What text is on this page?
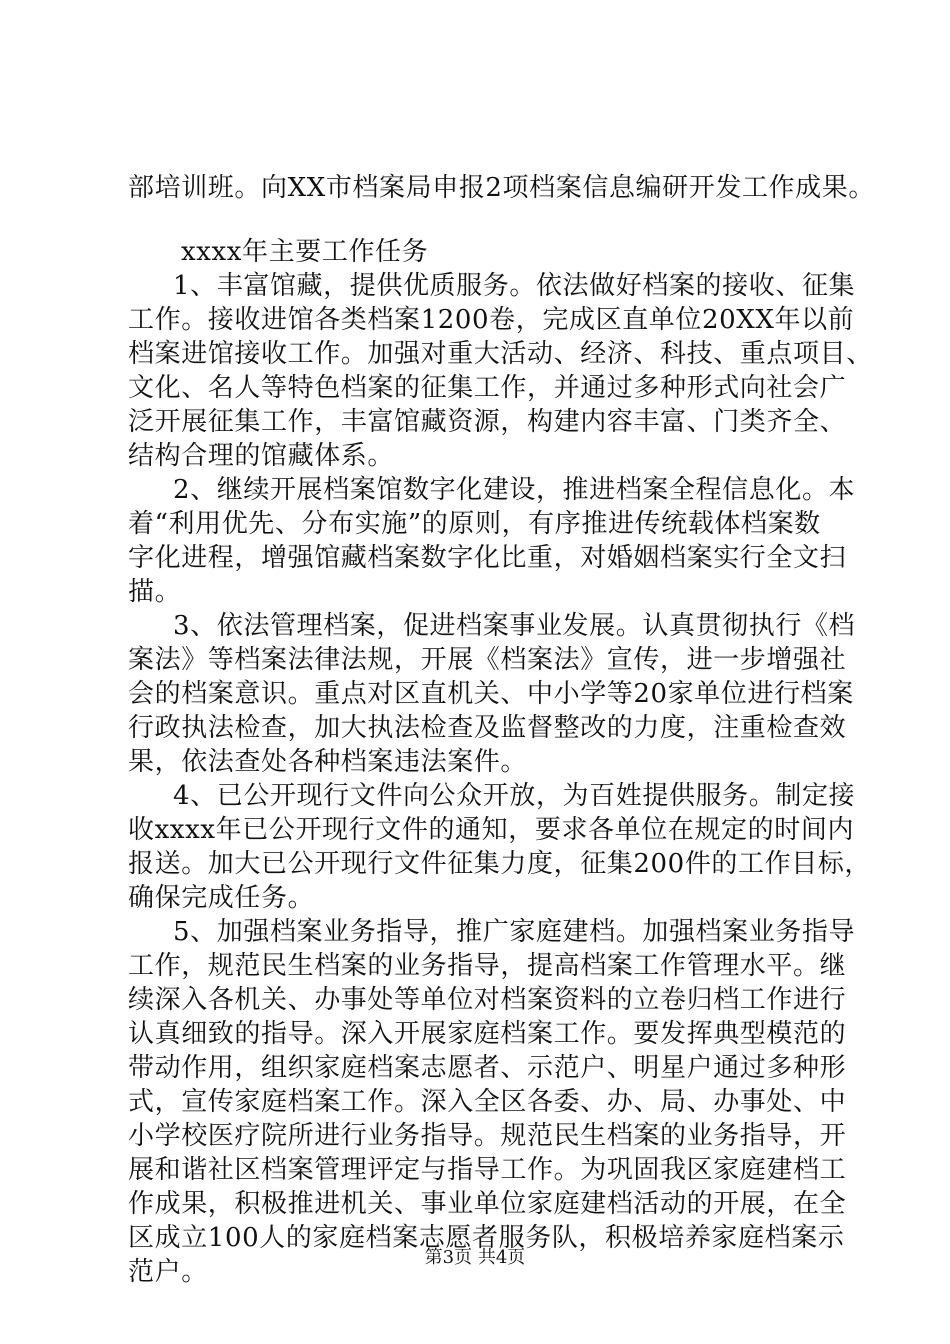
部培训班。向XX市档案局申报2项档案信息编研开发工作成果。
xxxx年主要工作任务
1、丰富馆藏，提供优质服务。依法做好档案的接收、征集
工作。接收进馆各类档案1200卷，完成区直单位20XX年以前
档案进馆接收工作。加强对重大活动、经济、科技、重点项目、
文化、名人等特色档案的征集工作，并通过多种形式向社会广
泛开展征集工作，丰富馆藏资源，构建内容丰富、门类齐全、
结构合理的馆藏体系。
2、继续开展档案馆数字化建设，推进档案全程信息化。本
着“利用优先、分布实施”的原则，有序推进传统载体档案数
字化进程，增强馆藏档案数字化比重，对婚姻档案实行全文扫
描。
3、依法管理档案，促进档案事业发展。认真贯彻执行《档
案法》等档案法律法规，开展《档案法》宣传，进一步增强社
会的档案意识。重点对区直机关、中小学等20家单位进行档案
行政执法检查，加大执法检查及监督整改的力度，注重检查效
果，依法查处各种档案违法案件。
4、已公开现行文件向公众开放，为百姓提供服务。制定接
收xxxx年已公开现行文件的通知，要求各单位在规定的时间内
报送。加大已公开现行文件征集力度，征集200件的工作目标，
确保完成任务。
5、加强档案业务指导，推广家庭建档。加强档案业务指导
工作，规范民生档案的业务指导，提高档案工作管理水平。继
续深入各机关、办事处等单位对档案资料的立卷归档工作进行
认真细致的指导。深入开展家庭档案工作。要发挥典型模范的
带动作用，组织家庭档案志愿者、示范户、明星户通过多种形
式，宣传家庭档案工作。深入全区各委、办、局、办事处、中
小学校医疗院所进行业务指导。规范民生档案的业务指导，开
展和谐社区档案管理评定与指导工作。为巩固我区家庭建档工
作成果，积极推进机关、事业单位家庭建档活动的开展，在全
区成立100人的家庭档案志愿者服务队，积极培养家庭档案示
范户。	第3页 共4页
